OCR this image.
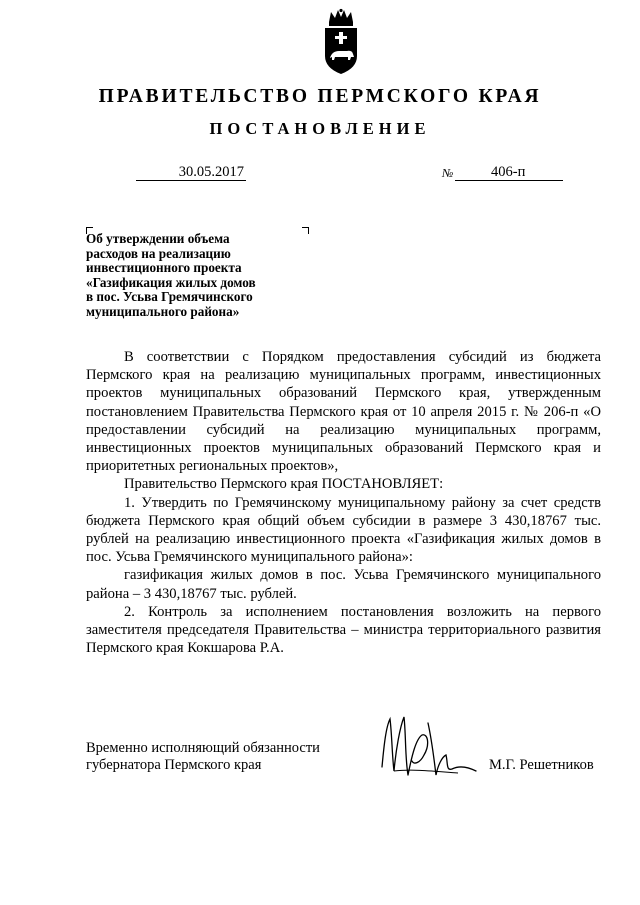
ПРАВИТЕЛЬСТВО ПЕРМСКОГО КРАЯ
ПОСТАНОВЛЕНИЕ
30.05.2017	№	406-п
Об утверждении объема
расходов на реализацию
инвестиционного проекта
«Газификация жилых домов
в пос. Усьва Гремячинского
муниципального района»

В соответствии с Порядком предоставления субсидий из бюджета Пермского края на реализацию муниципальных программ, инвестиционных проектов муниципальных образований Пермского края, утвержденным постановлением Правительства Пермского края от 10 апреля 2015 г. № 206-п «О предоставлении субсидий на реализацию муниципальных программ, инвестиционных проектов муниципальных образований Пермского края и приоритетных региональных проектов»,

Правительство Пермского края ПОСТАНОВЛЯЕТ:

1. Утвердить по Гремячинскому муниципальному району за счет средств бюджета Пермского края общий объем субсидии в размере 3 430,18767 тыс. рублей на реализацию инвестиционного проекта «Газификация жилых домов в пос. Усьва Гремячинского муниципального района»:

газификация жилых домов в пос. Усьва Гремячинского муниципального района – 3 430,18767 тыс. рублей.

2. Контроль за исполнением постановления возложить на первого заместителя председателя Правительства – министра территориального развития Пермского края Кокшарова Р.А.

Временно исполняющий обязанности
губернатора Пермского края	М.Г. Решетников
